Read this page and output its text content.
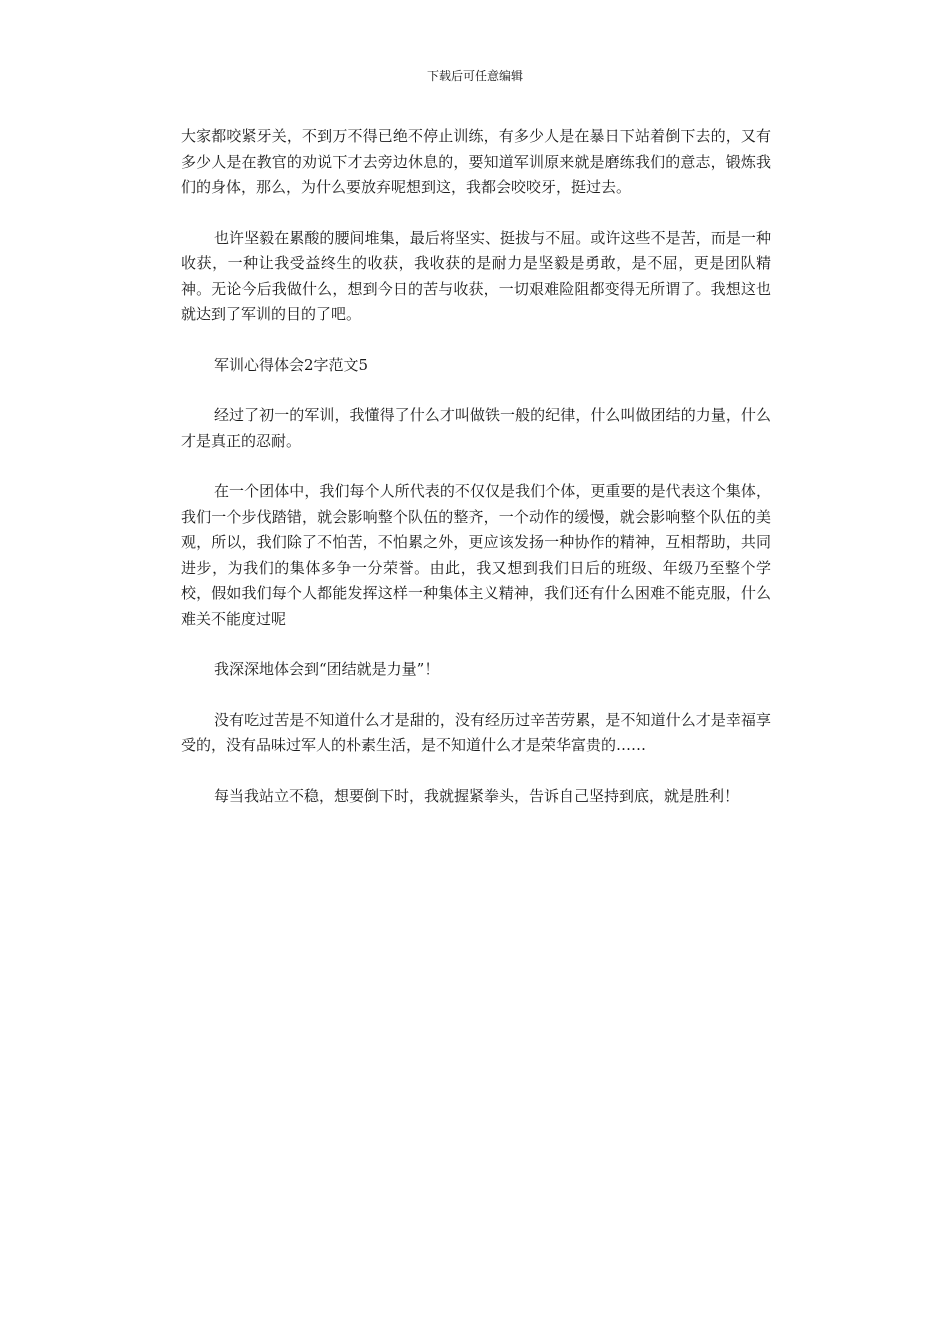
下载后可任意编辑

大家都咬紧牙关，不到万不得已绝不停止训练，有多少人是在暴日下站着倒下去的，又有多少人是在教官的劝说下才去旁边休息的，要知道军训原来就是磨练我们的意志，锻炼我们的身体，那么，为什么要放弃呢想到这，我都会咬咬牙，挺过去。

也许坚毅在累酸的腰间堆集，最后将坚实、挺拔与不屈。或许这些不是苦，而是一种收获，一种让我受益终生的收获，我收获的是耐力是坚毅是勇敢，是不屈，更是团队精神。无论今后我做什么，想到今日的苦与收获，一切艰难险阻都变得无所谓了。我想这也就达到了军训的目的了吧。

军训心得体会2字范文5

经过了初一的军训，我懂得了什么才叫做铁一般的纪律，什么叫做团结的力量，什么才是真正的忍耐。

在一个团体中，我们每个人所代表的不仅仅是我们个体，更重要的是代表这个集体，我们一个步伐踏错，就会影响整个队伍的整齐，一个动作的缓慢，就会影响整个队伍的美观，所以，我们除了不怕苦，不怕累之外，更应该发扬一种协作的精神，互相帮助，共同进步，为我们的集体多争一分荣誉。由此，我又想到我们日后的班级、年级乃至整个学校，假如我们每个人都能发挥这样一种集体主义精神，我们还有什么困难不能克服，什么难关不能度过呢

我深深地体会到“团结就是力量”！

没有吃过苦是不知道什么才是甜的，没有经历过辛苦劳累，是不知道什么才是幸福享受的，没有品味过军人的朴素生活，是不知道什么才是荣华富贵的……

每当我站立不稳，想要倒下时，我就握紧拳头，告诉自己坚持到底，就是胜利！
